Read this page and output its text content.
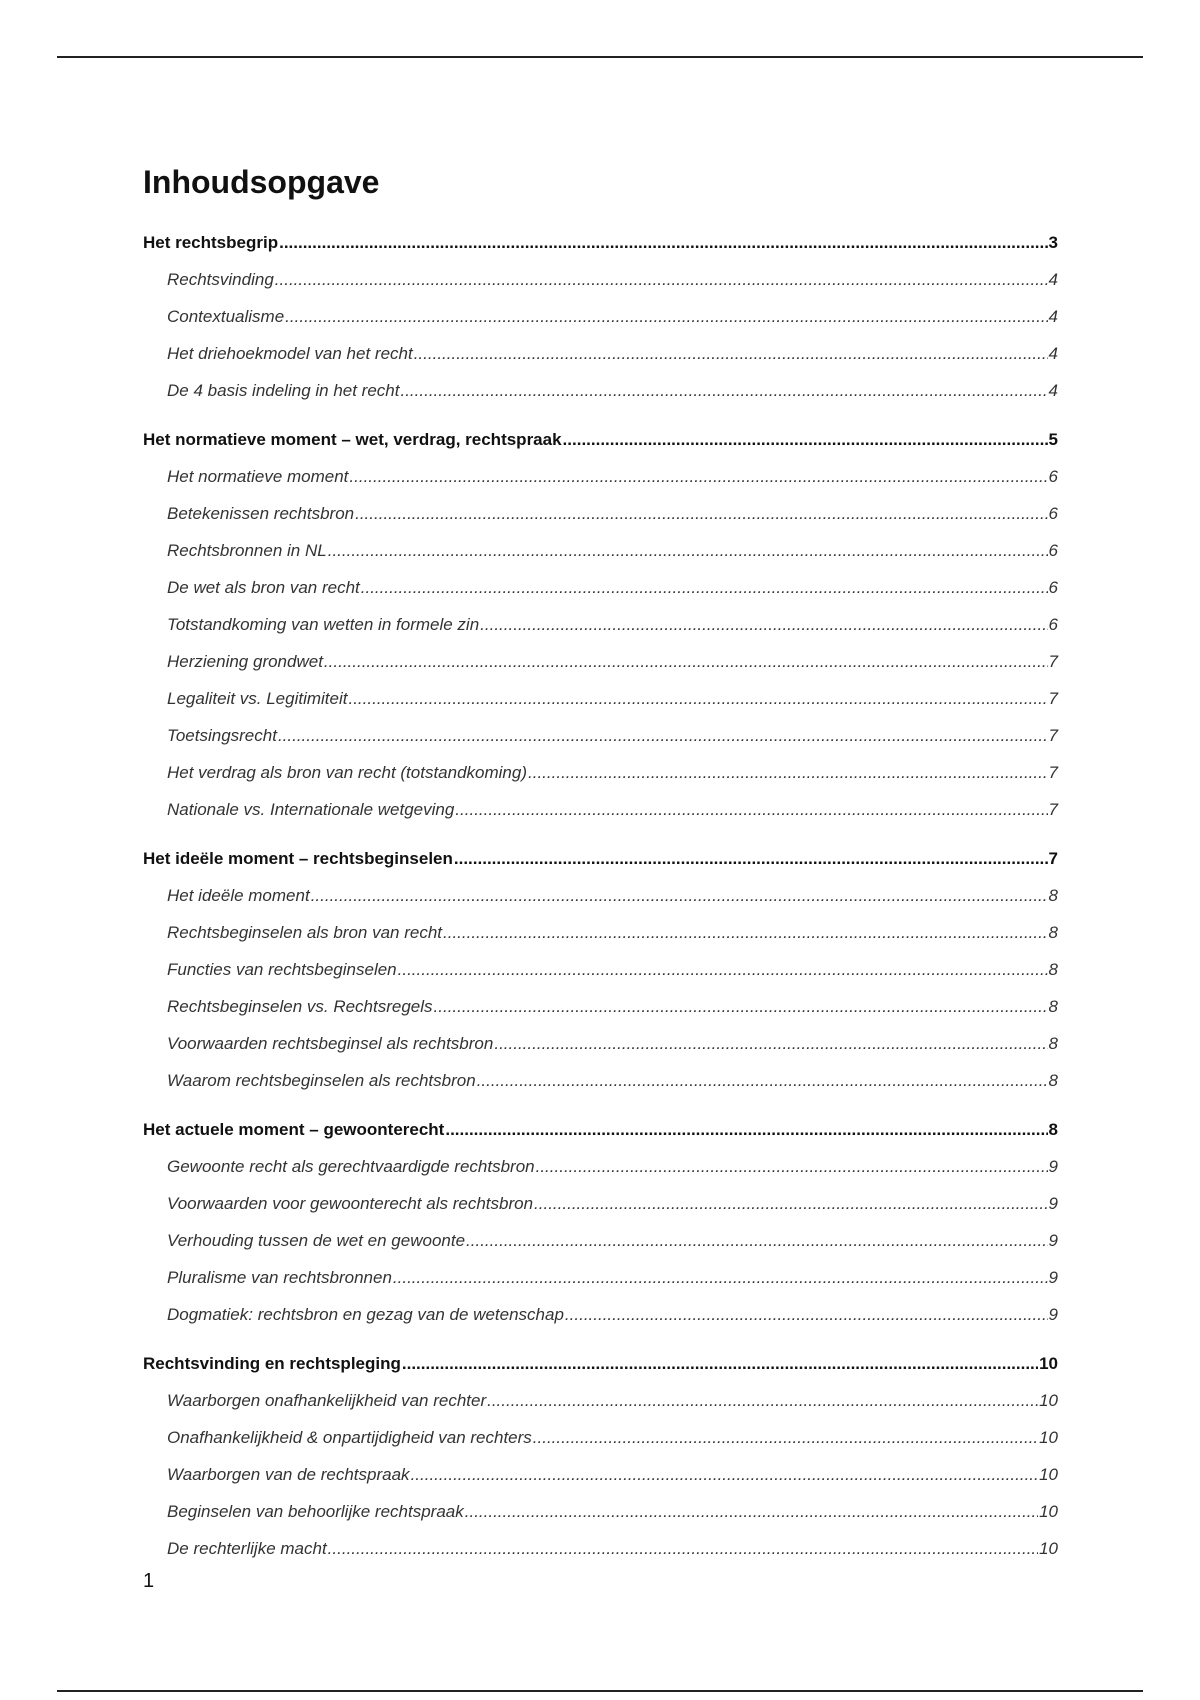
Inhoudsopgave
Het rechtsbegrip .....	3
Rechtsvinding .....	4
Contextualisme .....	4
Het driehoekmodel van het recht .....	4
De 4 basis indeling in het recht .....	4
Het normatieve moment – wet, verdrag, rechtspraak .....	5
Het normatieve moment .....	6
Betekenissen rechtsbron .....	6
Rechtsbronnen in NL .....	6
De wet als bron van recht .....	6
Totstandkoming van wetten in formele zin .....	6
Herziening grondwet .....	7
Legaliteit vs. Legitimiteit .....	7
Toetsingsrecht .....	7
Het verdrag als bron van recht (totstandkoming) .....	7
Nationale vs. Internationale wetgeving .....	7
Het ideële moment – rechtsbeginselen .....	7
Het ideële moment .....	8
Rechtsbeginselen als bron van recht .....	8
Functies van rechtsbeginselen .....	8
Rechtsbeginselen vs. Rechtsregels .....	8
Voorwaarden rechtsbeginsel als rechtsbron .....	8
Waarom rechtsbeginselen als rechtsbron .....	8
Het actuele moment – gewoonterecht .....	8
Gewoonte recht als gerechtvaardigde rechtsbron .....	9
Voorwaarden voor gewoonterecht als rechtsbron .....	9
Verhouding tussen de wet en gewoonte .....	9
Pluralisme van rechtsbronnen .....	9
Dogmatiek: rechtsbron en gezag van de wetenschap .....	9
Rechtsvinding en rechtspleging .....	10
Waarborgen onafhankelijkheid van rechter .....	10
Onafhankelijkheid & onpartijdigheid van rechters .....	10
Waarborgen van de rechtspraak .....	10
Beginselen van behoorlijke rechtspraak .....	10
De rechterlijke macht .....	10
1
